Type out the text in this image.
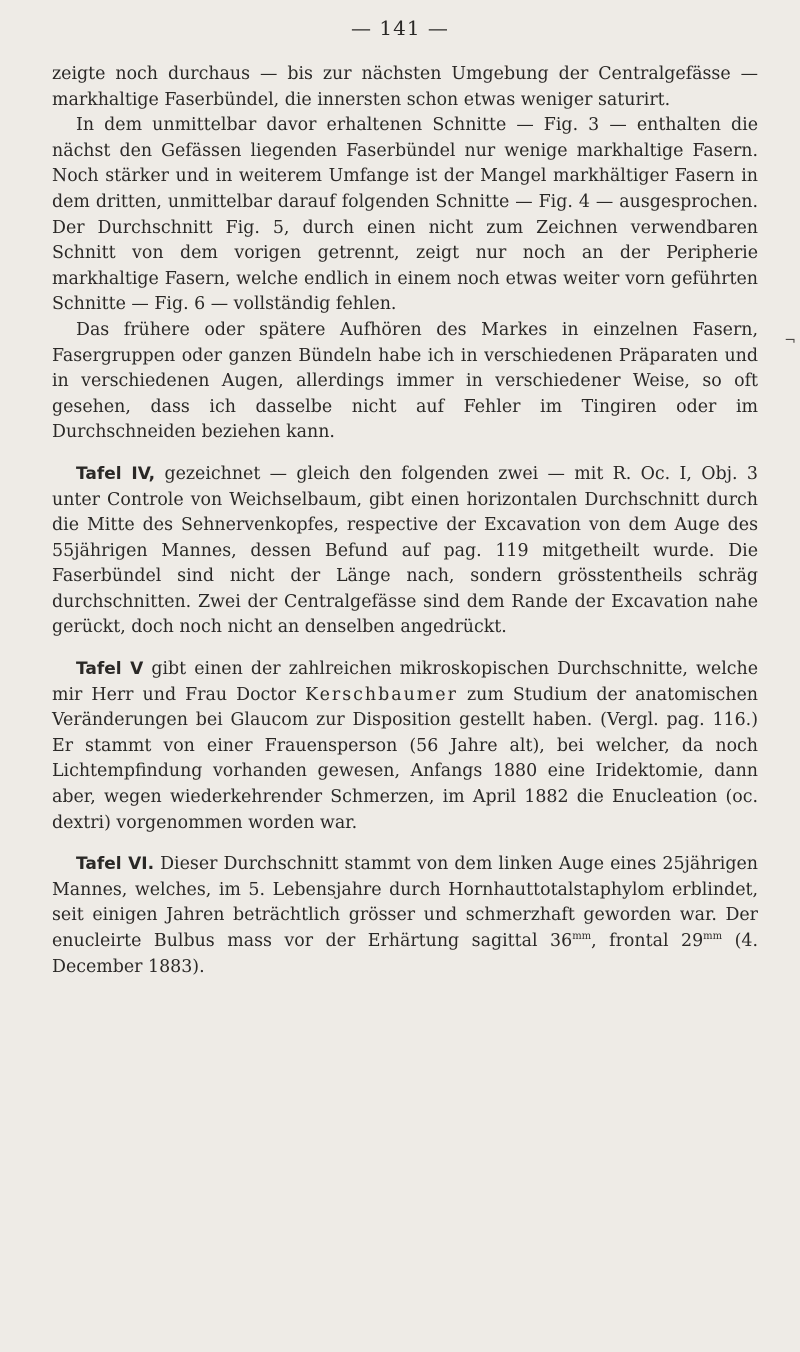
— 141 —

zeigte noch durchaus — bis zur nächsten Umgebung der Centralgefässe — markhaltige Faserbündel, die innersten schon etwas weniger saturirt.

In dem unmittelbar davor erhaltenen Schnitte — Fig. 3 — enthalten die nächst den Gefässen liegenden Faserbündel nur wenige markhaltige Fasern. Noch stärker und in weiterem Umfange ist der Mangel markhältiger Fasern in dem dritten, unmittelbar darauf folgenden Schnitte — Fig. 4 — ausgesprochen. Der Durchschnitt Fig. 5, durch einen nicht zum Zeichnen verwendbaren Schnitt von dem vorigen getrennt, zeigt nur noch an der Peripherie markhaltige Fasern, welche endlich in einem noch etwas weiter vorn geführten Schnitte — Fig. 6 — vollständig fehlen.

Das frühere oder spätere Aufhören des Markes in einzelnen Fasern, Fasergruppen oder ganzen Bündeln habe ich in verschiedenen Präparaten und in verschiedenen Augen, allerdings immer in verschiedener Weise, so oft gesehen, dass ich dasselbe nicht auf Fehler im Tingiren oder im Durchschneiden beziehen kann.

Tafel IV, gezeichnet — gleich den folgenden zwei — mit R. Oc. I, Obj. 3 unter Controle von Weichselbaum, gibt einen horizontalen Durchschnitt durch die Mitte des Sehnervenkopfes, respective der Excavation von dem Auge des 55jährigen Mannes, dessen Befund auf pag. 119 mitgetheilt wurde. Die Faserbündel sind nicht der Länge nach, sondern grösstentheils schräg durchschnitten. Zwei der Centralgefässe sind dem Rande der Excavation nahe gerückt, doch noch nicht an denselben angedrückt.

Tafel V gibt einen der zahlreichen mikroskopischen Durchschnitte, welche mir Herr und Frau Doctor Kerschbaumer zum Studium der anatomischen Veränderungen bei Glaucom zur Disposition gestellt haben. (Vergl. pag. 116.) Er stammt von einer Frauensperson (56 Jahre alt), bei welcher, da noch Lichtempfindung vorhanden gewesen, Anfangs 1880 eine Iridektomie, dann aber, wegen wiederkehrender Schmerzen, im April 1882 die Enucleation (oc. dextri) vorgenommen worden war.

Tafel VI. Dieser Durchschnitt stammt von dem linken Auge eines 25jährigen Mannes, welches, im 5. Lebensjahre durch Hornhauttotalstaphylom erblindet, seit einigen Jahren beträchtlich grösser und schmerzhaft geworden war. Der enucleirte Bulbus mass vor der Erhärtung sagittal $36^{mm}$, frontal $29^{mm}$ (4. December 1883).

¬
